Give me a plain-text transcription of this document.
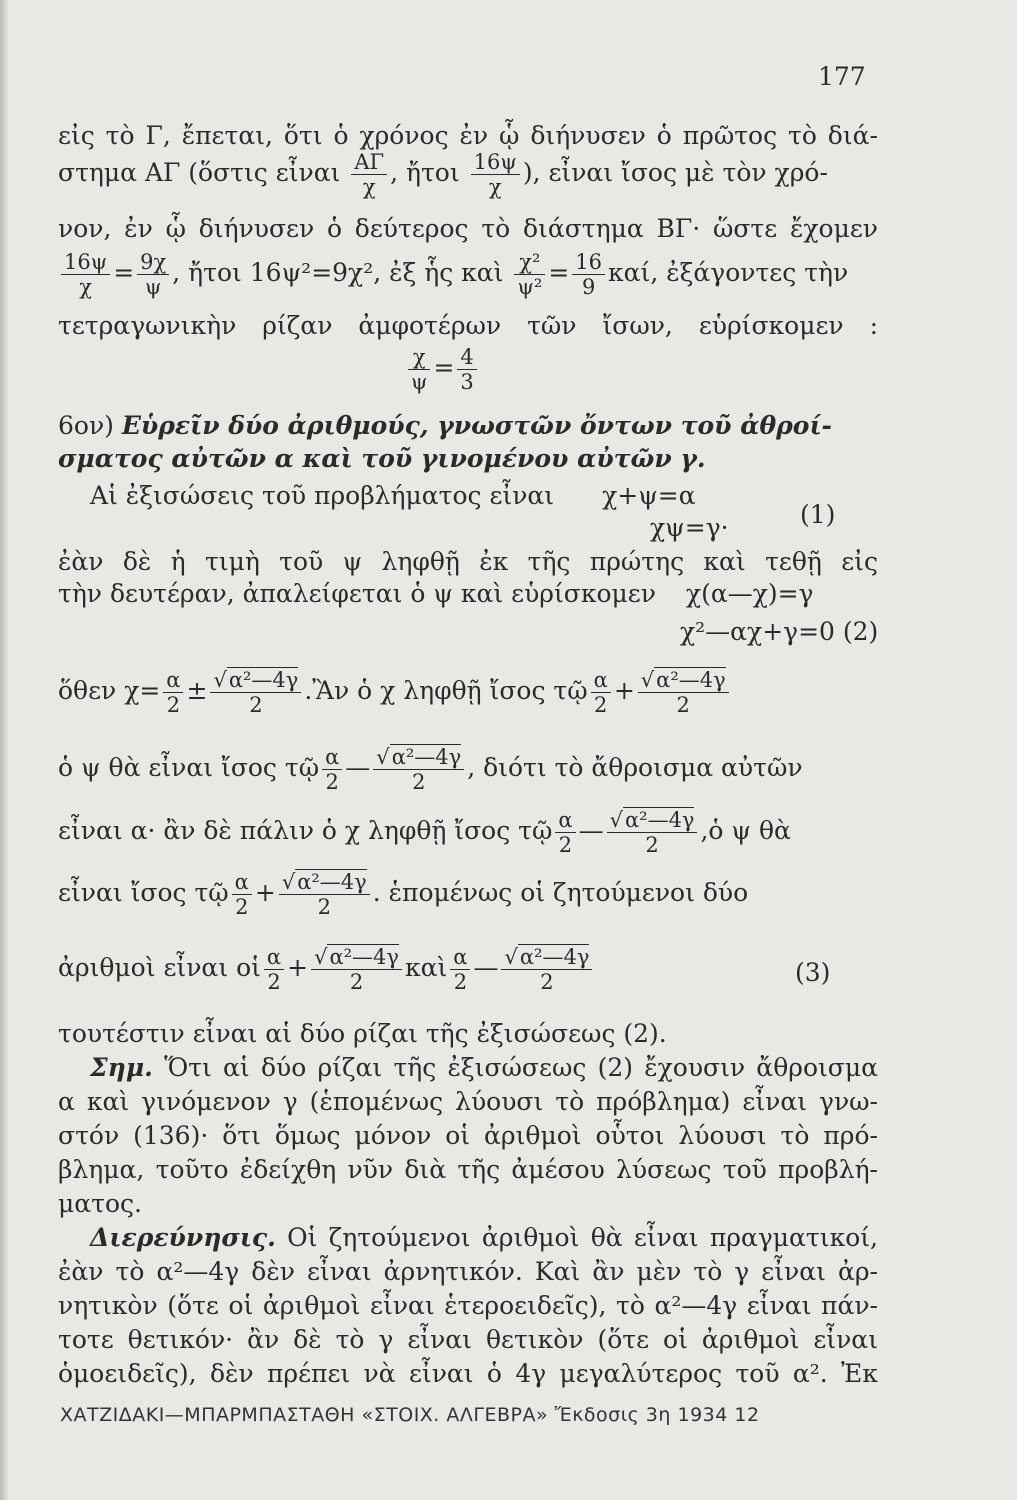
177
εἰς τὸ Γ, ἔπεται, ὅτι ὁ χρόνος ἐν ᾧ διήνυσεν ὁ πρῶτος τὸ διά-
στημα ΑΓ (ὅστις εἶναι $\frac{A\Gamma}{\chi}$ , ἤτοι $\frac{16\psi}{\chi}$ ), εἶναι ἴσος μὲ τὸν χρό-
νον, ἐν ᾧ διήνυσεν ὁ δεύτερος τὸ διάστημα ΒΓ· ὥστε ἔχομεν
$\frac{16\psi}{\chi} = \frac{9\chi}{\psi}$ , ἤτοι 16ψ²=9χ², ἐξ ἧς καὶ $\frac{\text{χ²}}{\text{ψ²}} = \frac{16}{9} \kappa\alpha ί$, ἐξάγοντες τὴν
τετραγωνικὴν ρίζαν ἀμφοτέρων τῶν ἴσων, εὑρίσκομεν :
$\frac{\chi}{\psi} = \frac{4}{3}$
6ον) Εὑρεῖν δύο ἀριθμούς, γνωστῶν ὄντων τοῦ ἀθροί-
σματος αὐτῶν α καὶ τοῦ γινομένου αὐτῶν γ.
Αἱ ἐξισώσεις τοῦ προβλήματος εἶναι χ+ψ=α
χψ=γ·	(1)
ἐὰν δὲ ἡ τιμὴ τοῦ ψ ληφθῇ ἐκ τῆς πρώτης καὶ τεθῇ εἰς
τὴν δευτέραν, ἀπαλείφεται ὁ ψ καὶ εὑρίσκομεν χ(α—χ)=γ
χ²—αχ+γ=0 (2)
ὅθεν $\chi= \frac{\alpha}{2} \pm \frac{\text{√α²—4γ}}{2}$ .Ἂν ὁ χ ληφθῇ ἴσος τῷ $\frac{\alpha}{2} + \frac{\text{√α²—4γ}}{2}$
ὁ ψ θὰ εἶναι ἴσος τῷ $\frac{\alpha}{2}$ — $\frac{\text{√α²—4γ}}{2}$ , διότι τὸ ἄθροισμα αὐτῶν
εἶναι α· ἂν δὲ πάλιν ὁ χ ληφθῇ ἴσος τῷ $\frac{\alpha}{2}$ — $\frac{\text{√α²—4γ}}{2}$ ,ὁ ψ θὰ
εἶναι ἴσος τῷ $\frac{\alpha}{2} + \frac{\text{√α²—4γ}}{2}$ . ἑπομένως οἱ ζητούμενοι δύο
ἀριθμοὶ εἶναι οἱ $\frac{\alpha}{2} + \frac{\text{√α²—4γ}}{2}$ καὶ $\frac{\alpha}{2}$ — $\frac{\text{√α²—4γ}}{2}$	(3)
τουτέστιν εἶναι αἱ δύο ρίζαι τῆς ἐξισώσεως (2).
Σημ. Ὅτι αἱ δύο ρίζαι τῆς ἐξισώσεως (2) ἔχουσιν ἄθροισμα
α καὶ γινόμενον γ (ἑπομένως λύουσι τὸ πρόβλημα) εἶναι γνω-
στόν (136)· ὅτι ὅμως μόνον οἱ ἀριθμοὶ οὗτοι λύουσι τὸ πρό-
βλημα, τοῦτο ἐδείχθη νῦν διὰ τῆς ἀμέσου λύσεως τοῦ προβλή-
ματος.
Διερεύνησις. Οἱ ζητούμενοι ἀριθμοὶ θὰ εἶναι πραγματικοί,
ἐὰν τὸ α²—4γ δὲν εἶναι ἀρνητικόν. Καὶ ἂν μὲν τὸ γ εἶναι ἀρ-
νητικὸν (ὅτε οἱ ἀριθμοὶ εἶναι ἑτεροειδεῖς), τὸ α²—4γ εἶναι πάν-
τοτε θετικόν· ἂν δὲ τὸ γ εἶναι θετικὸν (ὅτε οἱ ἀριθμοὶ εἶναι
ὁμοειδεῖς), δὲν πρέπει νὰ εἶναι ὁ 4γ μεγαλύτερος τοῦ α². Ἐκ
ΧΑΤΖΙΔΑΚΙ—ΜΠΑΡΜΠΑΣΤΑΘΗ «ΣΤΟΙΧ. ΑΛΓΕΒΡΑ» Ἔκδοσις 3η 1934 12
